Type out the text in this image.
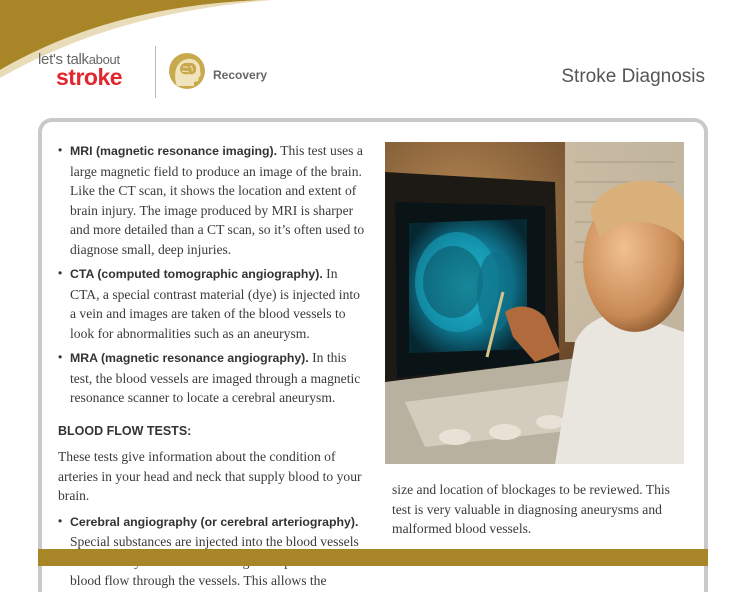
let's talkabout
stroke	Recovery	Stroke Diagnosis
• MRI (magnetic resonance imaging). This test uses a large magnetic field to produce an image of the brain. Like the CT scan, it shows the location and extent of brain injury. The image produced by MRI is sharper and more detailed than a CT scan, so it’s often used to diagnose small, deep injuries.
• CTA (computed tomographic angiography). In CTA, a special contrast material (dye) is injected into a vein and images are taken of the blood vessels to look for abnormalities such as an aneurysm.
• MRA (magnetic resonance angiography). In this test, the blood vessels are imaged through a magnetic resonance scanner to locate a cerebral aneurysm.
BLOOD FLOW TESTS:
These tests give information about the condition of arteries in your head and neck that supply blood to your brain.
• Cerebral angiography (or cerebral arteriography). Special substances are injected into the blood vessels blood flow through the vessels. This allows the
size and location of blockages to be reviewed. This test is very valuable in diagnosing aneurysms and malformed blood vessels.
